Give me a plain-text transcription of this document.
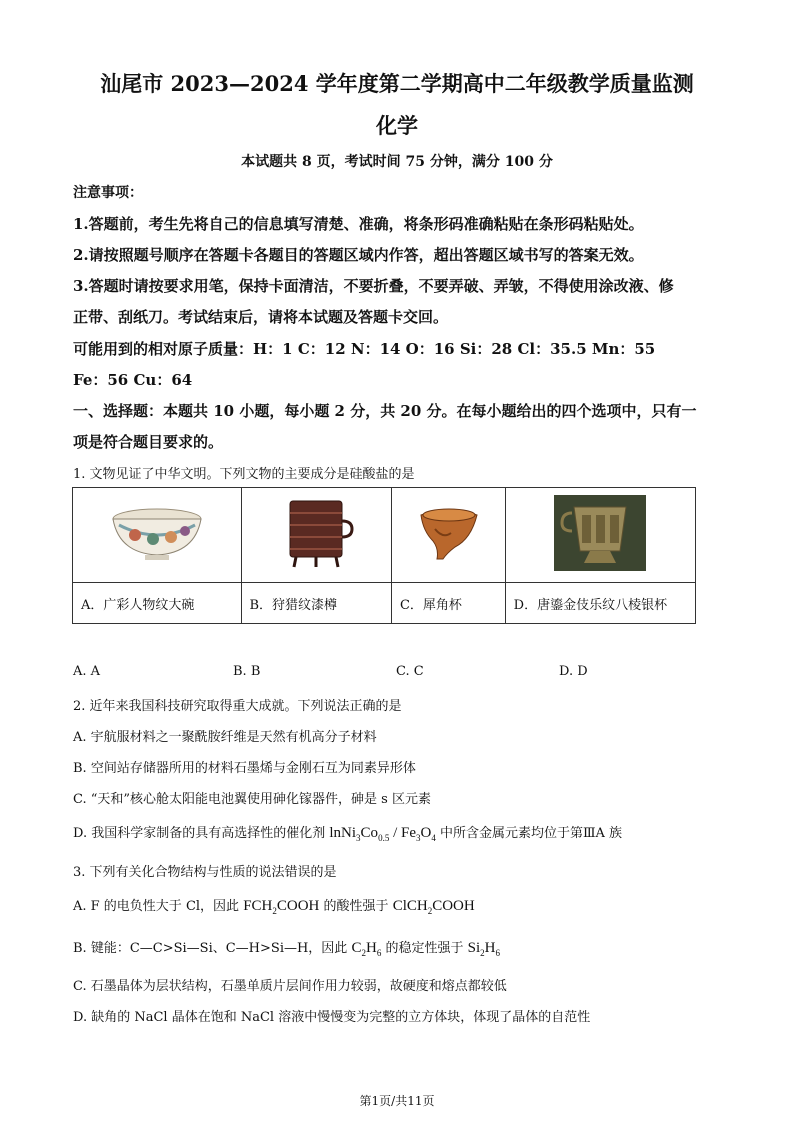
汕尾市 2023—2024 学年度第二学期高中二年级教学质量监测
化学
本试题共 8 页，考试时间 75 分钟，满分 100 分
注意事项：
1.答题前，考生先将自己的信息填写清楚、准确，将条形码准确粘贴在条形码粘贴处。
2.请按照题号顺序在答题卡各题目的答题区域内作答，超出答题区域书写的答案无效。
3.答题时请按要求用笔，保持卡面清洁，不要折叠，不要弄破、弄皱，不得使用涂改液、修
正带、刮纸刀。考试结束后，请将本试题及答题卡交回。
可能用到的相对原子质量：H：1 C：12 N：14 O：16 Si：28 Cl：35.5 Mn：55
Fe：56 Cu：64
一、选择题：本题共 10 小题，每小题 2 分，共 20 分。在每小题给出的四个选项中，只有一
项是符合题目要求的。
1. 文物见证了中华文明。下列文物的主要成分是硅酸盐的是

A．广彩人物纹大碗	B．狩猎纹漆樽	C．犀角杯	D．唐鎏金伎乐纹八棱银杯
A. A	B. B	C. C	D. D
2. 近年来我国科技研究取得重大成就。下列说法正确的是
A. 宇航服材料之一聚酰胺纤维是天然有机高分子材料
B. 空间站存储器所用的材料石墨烯与金刚石互为同素异形体
C. “天和”核心舱太阳能电池翼使用砷化镓器件，砷是 s 区元素
D. 我国科学家制备的具有高选择性的催化剂 $lnNi_3Co_{0.5} / Fe_3O_4$ 中所含金属元素均位于第ⅢA 族
3. 下列有关化合物结构与性质的说法错误的是
A. F 的电负性大于 Cl，因此 $FCH_2COOH$ 的酸性强于 ClCH$_2$COOH
B. 键能：C—C>Si—Si、C—H>Si—H，因此 $C_2H_6$ 的稳定性强于 $Si_2H_6$
C. 石墨晶体为层状结构，石墨单质片层间作用力较弱，故硬度和熔点都较低
D. 缺角的 NaCl 晶体在饱和 NaCl 溶液中慢慢变为完整的立方体块，体现了晶体的自范性
第1页/共11页
